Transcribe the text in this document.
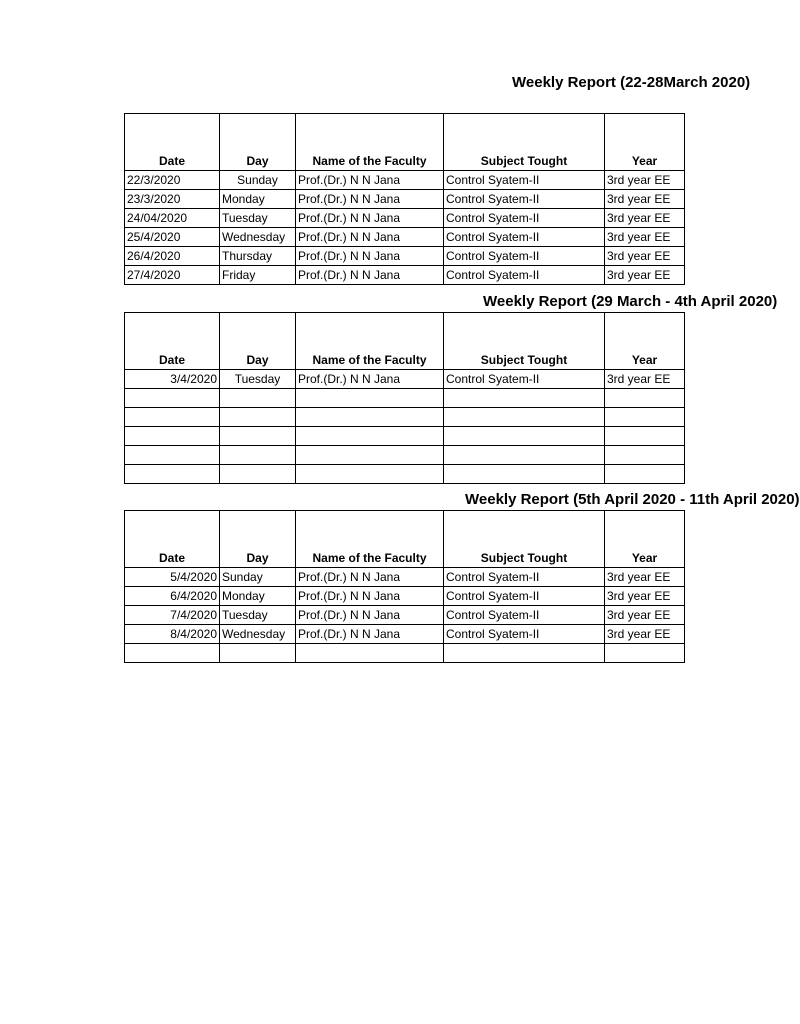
Weekly Report (22-28March 2020)
Date	Day	Name of the Faculty	Subject Tought	Year
22/3/2020	Sunday	Prof.(Dr.) N N Jana	Control Syatem-II	3rd year EE
23/3/2020	Monday	Prof.(Dr.) N N Jana	Control Syatem-II	3rd year EE
24/04/2020	Tuesday	Prof.(Dr.) N N Jana	Control Syatem-II	3rd year EE
25/4/2020	Wednesday	Prof.(Dr.) N N Jana	Control Syatem-II	3rd year EE
26/4/2020	Thursday	Prof.(Dr.) N N Jana	Control Syatem-II	3rd year EE
27/4/2020	Friday	Prof.(Dr.) N N Jana	Control Syatem-II	3rd year EE
Weekly Report (29 March - 4th April 2020)
Date	Day	Name of the Faculty	Subject Tought	Year
3/4/2020	Tuesday	Prof.(Dr.) N N Jana	Control Syatem-II	3rd year EE

Weekly Report (5th April 2020 - 11th April 2020)
Date	Day	Name of the Faculty	Subject Tought	Year
5/4/2020	Sunday	Prof.(Dr.) N N Jana	Control Syatem-II	3rd year EE
6/4/2020	Monday	Prof.(Dr.) N N Jana	Control Syatem-II	3rd year EE
7/4/2020	Tuesday	Prof.(Dr.) N N Jana	Control Syatem-II	3rd year EE
8/4/2020	Wednesday	Prof.(Dr.) N N Jana	Control Syatem-II	3rd year EE
